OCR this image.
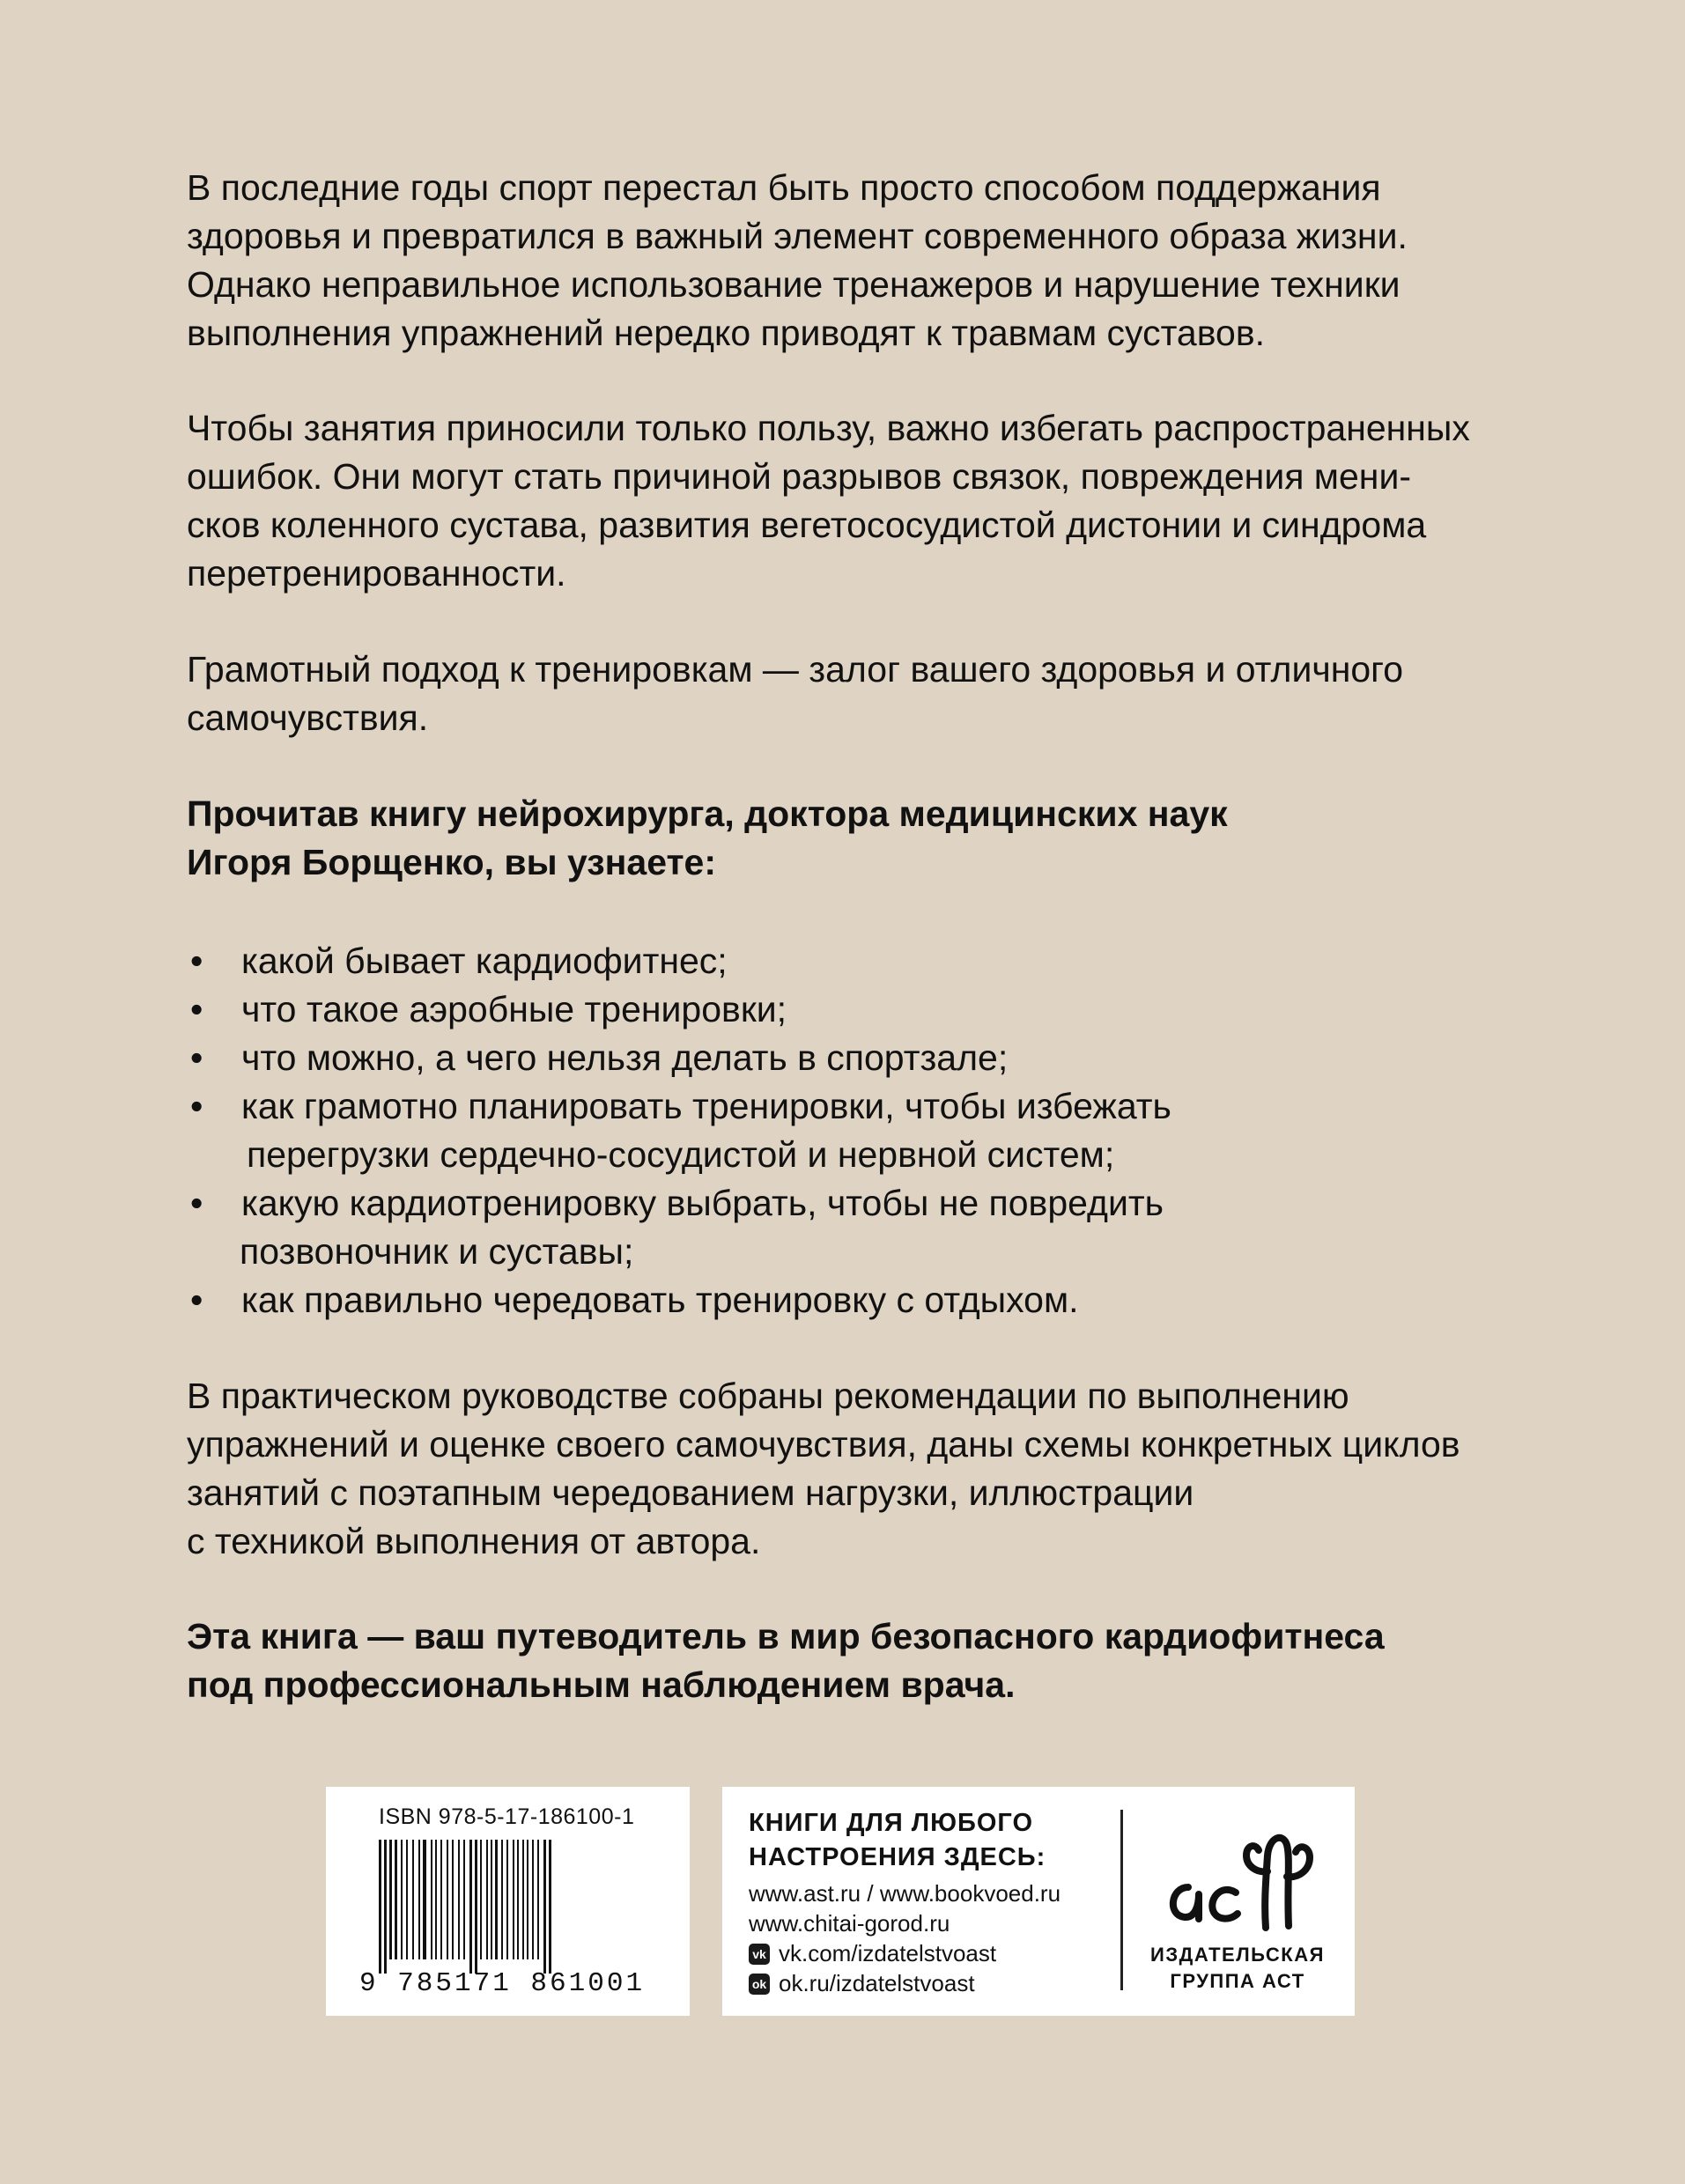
В последние годы спорт перестал быть просто способом поддержания
здоровья и превратился в важный элемент современного образа жизни.
Однако неправильное использование тренажеров и нарушение техники
выполнения упражнений нередко приводят к травмам суставов.
Чтобы занятия приносили только пользу, важно избегать распространенных
ошибок. Они могут стать причиной разрывов связок, повреждения мени-
сков коленного сустава, развития вегетососудистой дистонии и синдрома
перетренированности.
Грамотный подход к тренировкам — залог вашего здоровья и отличного
самочувствия.
Прочитав книгу нейрохирурга, доктора медицинских наук
Игоря Борщенко, вы узнаете:
• какой бывает кардиофитнес;
• что такое аэробные тренировки;
• что можно, а чего нельзя делать в спортзале;
• как грамотно планировать тренировки, чтобы избежать
перегрузки сердечно-сосудистой и нервной систем;
• какую кардиотренировку выбрать, чтобы не повредить
позвоночник и суставы;
• как правильно чередовать тренировку с отдыхом.
В практическом руководстве собраны рекомендации по выполнению
упражнений и оценке своего самочувствия, даны схемы конкретных циклов
занятий с поэтапным чередованием нагрузки, иллюстрации
с техникой выполнения от автора.
Эта книга — ваш путеводитель в мир безопасного кардиофитнеса
под профессиональным наблюдением врача.
ISBN 978-5-17-186100-1
9 785171 861001
КНИГИ ДЛЯ ЛЮБОГО
НАСТРОЕНИЯ ЗДЕСЬ:
www.ast.ru / www.bookvoed.ru
www.chitai-gorod.ru
vk vk.com/izdatelstvoast
ok ok.ru/izdatelstvoast
ИЗДАТЕЛЬСКАЯ
ГРУППА АСТ
